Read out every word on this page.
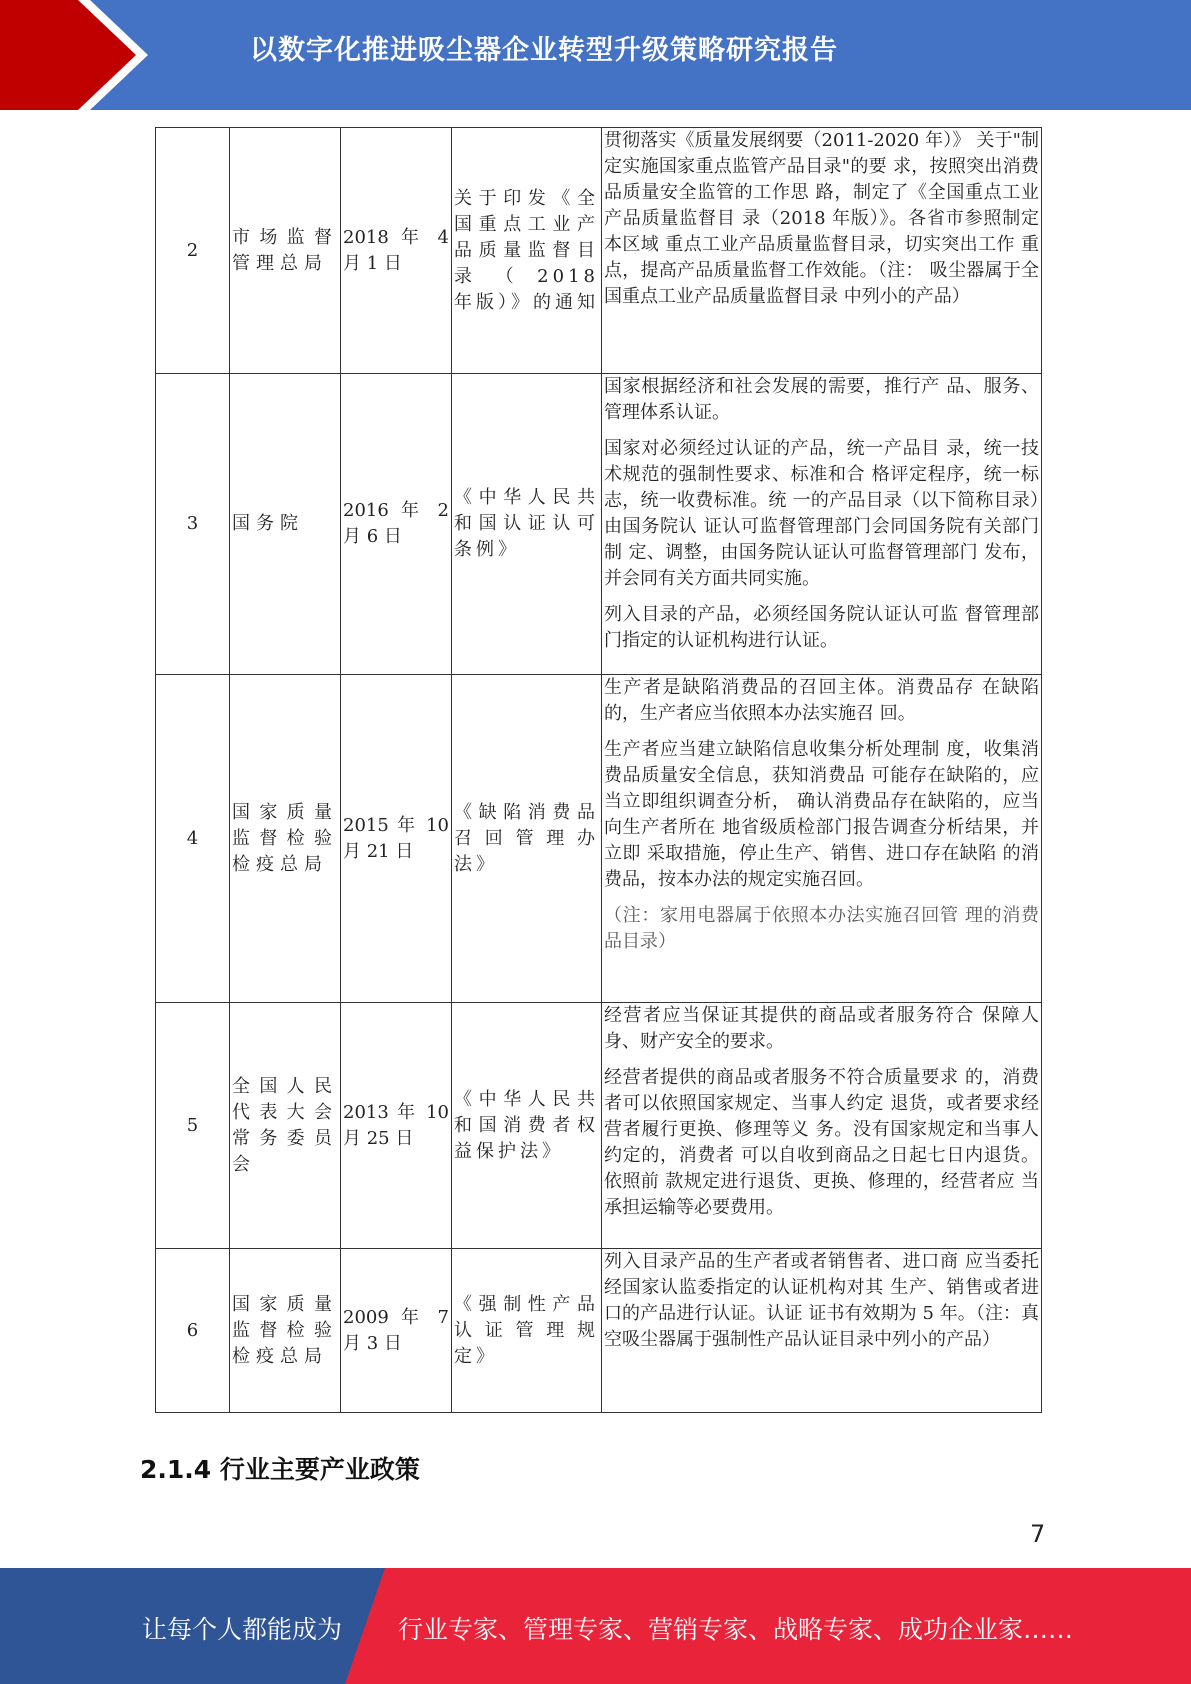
以数字化推进吸尘器企业转型升级策略研究报告
2	市场监督管理总局	2018 年 4 月 1 日	关于印发《全国重点工业产品质量监督目录 （ 2018 年版）》的通知	贯彻落实《质量发展纲要（2011-2020 年）》 关于"制定实施国家重点监管产品目录"的要 求，按照突出消费品质量安全监管的工作思 路，制定了《全国重点工业产品质量监督目 录（2018 年版）》。各省市参照制定本区域 重点工业产品质量监督目录，切实突出工作 重点，提高产品质量监督工作效能。（注： 吸尘器属于全国重点工业产品质量监督目录 中列小的产品）

3	国务院	2016 年 2 月 6 日	《中华人民共和国认证认可条例》	国家根据经济和社会发展的需要，推行产 品、服务、管理体系认证。

国家对必须经过认证的产品，统一产品目 录，统一技术规范的强制性要求、标准和合 格评定程序，统一标志，统一收费标准。统 一的产品目录（以下简称目录）由国务院认 证认可监督管理部门会同国务院有关部门制 定、调整，由国务院认证认可监督管理部门 发布，并会同有关方面共同实施。

列入目录的产品，必须经国务院认证认可监 督管理部门指定的认证机构进行认证。

4	国家质量监督检验检疫总局	2015 年 10 月 21 日	《缺陷消费品召回管理办 法》	生产者是缺陷消费品的召回主体。消费品存 在缺陷的，生产者应当依照本办法实施召 回。

生产者应当建立缺陷信息收集分析处理制 度，收集消费品质量安全信息，获知消费品 可能存在缺陷的，应当立即组织调查分析， 确认消费品存在缺陷的，应当向生产者所在 地省级质检部门报告调查分析结果，并立即 采取措施，停止生产、销售、进口存在缺陷 的消费品，按本办法的规定实施召回。

（注：家用电器属于依照本办法实施召回管 理的消费品目录）

5	全国人民代表大会常务委员会	2013 年 10 月 25 日	《中华人民共和国消费者权益保护法》	经营者应当保证其提供的商品或者服务符合 保障人身、财产安全的要求。

经营者提供的商品或者服务不符合质量要求 的，消费者可以依照国家规定、当事人约定 退货，或者要求经营者履行更换、修理等义 务。没有国家规定和当事人约定的，消费者 可以自收到商品之日起七日内退货。依照前 款规定进行退货、更换、修理的，经营者应 当承担运输等必要费用。

6	国家质量监督检验检疫总局	2009 年 7 月 3 日	《强制性产品认证管理规 定》	列入目录产品的生产者或者销售者、进口商 应当委托经国家认监委指定的认证机构对其 生产、销售或者进口的产品进行认证。认证 证书有效期为 5 年。（注：真空吸尘器属于强制性产品认证目录中列小的产品）

2.1.4 行业主要产业政策
7
让每个人都能成为 行业专家、管理专家、营销专家、战略专家、成功企业家……
